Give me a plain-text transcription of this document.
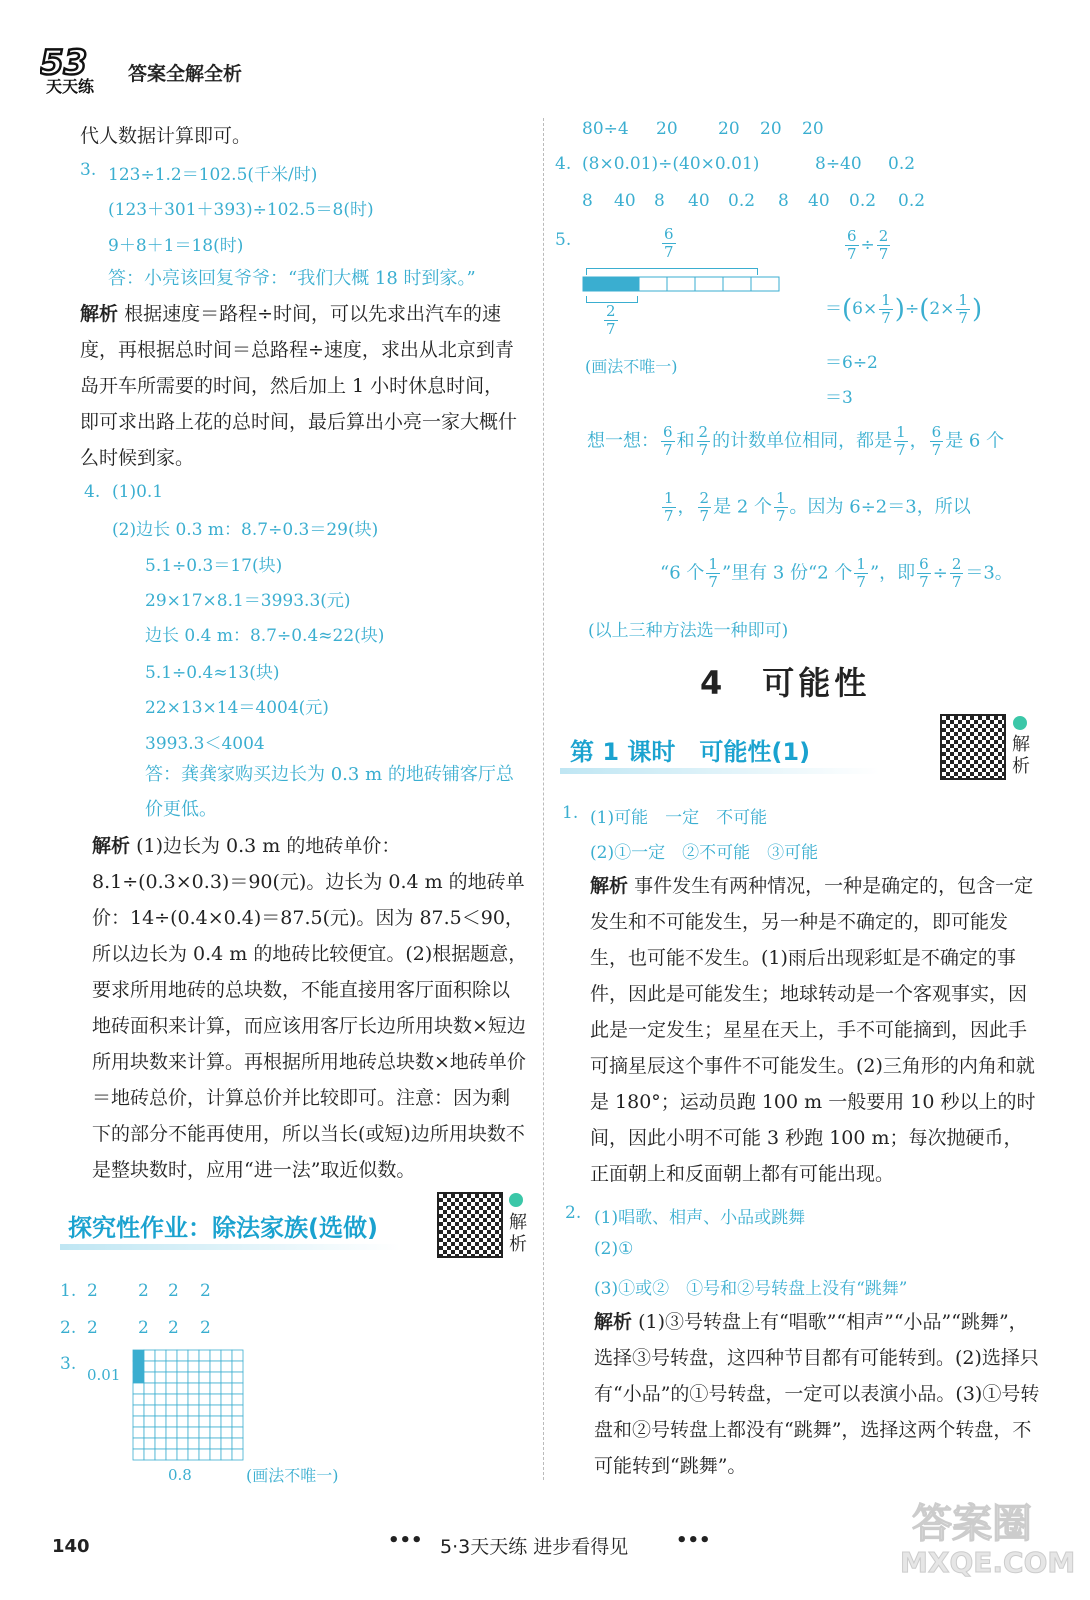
53
天天练
答案全解全析
代人数据计算即可。
3. 123÷1.2＝102.5(千米/时)
(123＋301＋393)÷102.5＝8(时)
9＋8＋1＝18(时)
答：小亮该回复爷爷：“我们大概 18 时到家。”
解析 根据速度＝路程÷时间，可以先求出汽车的速度，再根据总时间＝总路程÷速度，求出从北京到青岛开车所需要的时间，然后加上 1 小时休息时间，即可求出路上花的总时间，最后算出小亮一家大概什么时候到家。
4. (1)0.1
(2)边长 0.3 m：8.7÷0.3＝29(块)
5.1÷0.3＝17(块)
29×17×8.1＝3993.3(元)
边长 0.4 m：8.7÷0.4≈22(块)
5.1÷0.4≈13(块)
22×13×14＝4004(元)
3993.3＜4004
答：龚龚家购买边长为 0.3 m 的地砖铺客厅总价更低。
解析 (1)边长为 0.3 m 的地砖单价：8.1÷(0.3×0.3)＝90(元)。边长为 0.4 m 的地砖单价：14÷(0.4×0.4)＝87.5(元)。因为 87.5＜90，所以边长为 0.4 m 的地砖比较便宜。(2)根据题意，要求所用地砖的总块数，不能直接用客厅面积除以地砖面积来计算，而应该用客厅长边所用块数×短边所用块数来计算。再根据所用地砖总块数×地砖单价＝地砖总价，计算总价并比较即可。注意：因为剩下的部分不能再使用，所以当长(或短)边所用块数不是整块数时，应用“进一法”取近似数。
探究性作业：除法家族(选做)	解析
1. 2 2 2 2
2. 2 2 2 2
3.
0.01
0.8	(画法不唯一)
80÷4 20 20 20 20
4. (8×0.01)÷(40×0.01)	8÷40 0.2
8 40 8 40 0.2 8 40 0.2 0.2
5.	$\frac{6}{7}$
$\frac{2}{7}$
(画法不唯一)
$\frac{6}{7} \div \frac{2}{7}$
$=(6\times \frac{1}{7} )\div(2\times \frac{1}{7}$ )
＝6÷2
＝3
想一想： $\frac{6}{7}$ 和 $\frac{2}{7}$ 的计数单位相同，都是 $\frac{1}{7}$ ， $\frac{6}{7}$ 是 6 个
$\frac{1}{7}$ ， $\frac{2}{7}$ 是 2 个 $\frac{1}{7}$ 。因为 6÷2＝3，所以
“6 个 $\frac{1}{7}$ ”里有 3 份“2 个 $\frac{1}{7}$ ”，即 $\frac{6}{7} \div \frac{2}{7} =3$。
(以上三种方法选一种即可)
4　可能性
第 1 课时　可能性(1)	解析
1. (1)可能　一定　不可能
(2)①一定　②不可能　③可能
解析 事件发生有两种情况，一种是确定的，包含一定发生和不可能发生，另一种是不确定的，即可能发生，也可能不发生。(1)雨后出现彩虹是不确定的事件，因此是可能发生；地球转动是一个客观事实，因此是一定发生；星星在天上，手不可能摘到，因此手可摘星辰这个事件不可能发生。(2)三角形的内角和就是 180°；运动员跑 100 m 一般要用 10 秒以上的时间，因此小明不可能 3 秒跑 100 m；每次抛硬币，正面朝上和反面朝上都有可能出现。
2. (1)唱歌、相声、小品或跳舞
(2)①
(3)①或②　①号和②号转盘上没有“跳舞”
解析 (1)③号转盘上有“唱歌”“相声”“小品”“跳舞”，选择③号转盘，这四种节目都有可能转到。(2)选择只有“小品”的①号转盘，一定可以表演小品。(3)①号转盘和②号转盘上都没有“跳舞”，选择这两个转盘，不可能转到“跳舞”。
140	••• 5·3天天练 进步看得见	•••	答案圈
MXQE.COM
